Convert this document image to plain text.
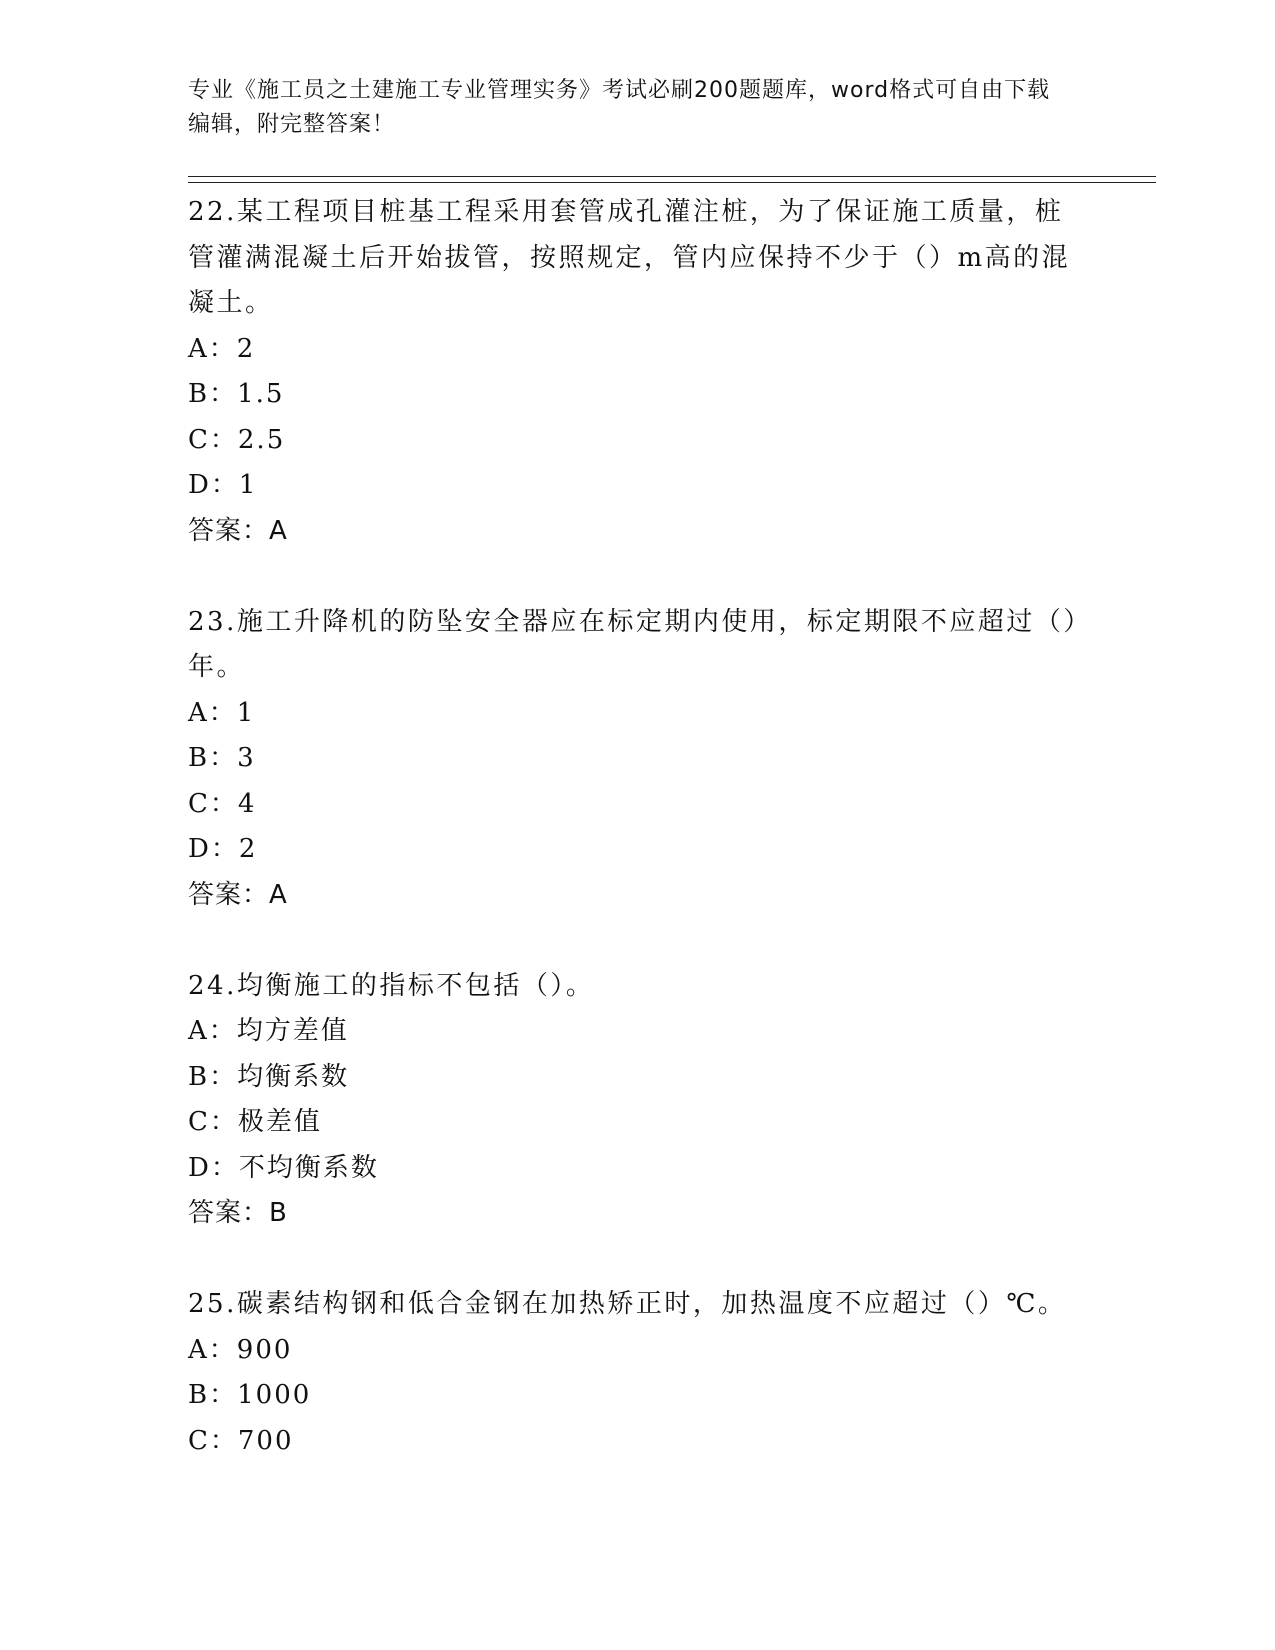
专业《施工员之土建施工专业管理实务》考试必刷200题题库，word格式可自由下载编辑，附完整答案！

22.某工程项目桩基工程采用套管成孔灌注桩，为了保证施工质量，桩管灌满混凝土后开始拔管，按照规定，管内应保持不少于（）m高的混凝土。

A：2

B：1.5

C：2.5

D：1

答案：A

23.施工升降机的防坠安全器应在标定期内使用，标定期限不应超过（）年。

A：1

B：3

C：4

D：2

答案：A

24.均衡施工的指标不包括（）。

A：均方差值

B：均衡系数

C：极差值

D：不均衡系数

答案：B

25.碳素结构钢和低合金钢在加热矫正时，加热温度不应超过（）℃。

A：900

B：1000

C：700
